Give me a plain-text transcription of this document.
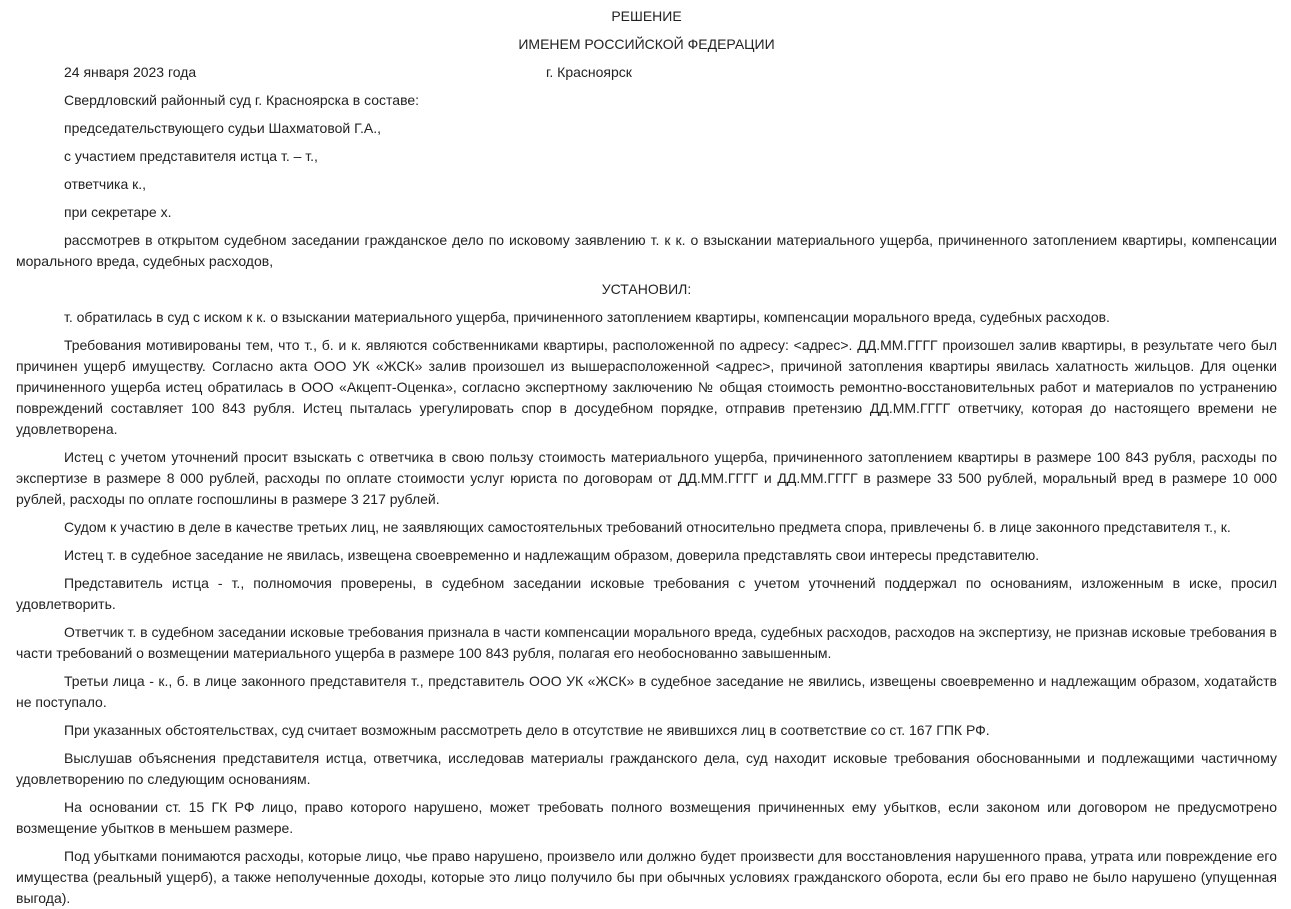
РЕШЕНИЕ
ИМЕНЕМ РОССИЙСКОЙ ФЕДЕРАЦИИ
24 января 2023 года	г. Красноярск

Свердловский районный суд г. Красноярска в составе:

председательствующего судьи Шахматовой Г.А.,

с участием представителя истца т. – т.,

ответчика к.,

при секретаре х.

рассмотрев в открытом судебном заседании гражданское дело по исковому заявлению т. к к. о взыскании материального ущерба, причиненного затоплением квартиры, компенсации морального вреда, судебных расходов,

УСТАНОВИЛ:

т. обратилась в суд с иском к к. о взыскании материального ущерба, причиненного затоплением квартиры, компенсации морального вреда, судебных расходов.

Требования мотивированы тем, что т., б. и к. являются собственниками квартиры, расположенной по адресу: <адрес>. ДД.ММ.ГГГГ произошел залив квартиры, в результате чего был причинен ущерб имуществу. Согласно акта ООО УК «ЖСК» залив произошел из вышерасположенной <адрес>, причиной затопления квартиры явилась халатность жильцов. Для оценки причиненного ущерба истец обратилась в ООО «Акцепт-Оценка», согласно экспертному заключению № общая стоимость ремонтно-восстановительных работ и материалов по устранению повреждений составляет 100 843 рубля. Истец пыталась урегулировать спор в досудебном порядке, отправив претензию ДД.ММ.ГГГГ ответчику, которая до настоящего времени не удовлетворена.

Истец с учетом уточнений просит взыскать с ответчика в свою пользу стоимость материального ущерба, причиненного затоплением квартиры в размере 100 843 рубля, расходы по экспертизе в размере 8 000 рублей, расходы по оплате стоимости услуг юриста по договорам от ДД.ММ.ГГГГ и ДД.ММ.ГГГГ в размере 33 500 рублей, моральный вред в размере 10 000 рублей, расходы по оплате госпошлины в размере 3 217 рублей.

Судом к участию в деле в качестве третьих лиц, не заявляющих самостоятельных требований относительно предмета спора, привлечены б. в лице законного представителя т., к.

Истец т. в судебное заседание не явилась, извещена своевременно и надлежащим образом, доверила представлять свои интересы представителю.

Представитель истца - т., полномочия проверены, в судебном заседании исковые требования с учетом уточнений поддержал по основаниям, изложенным в иске, просил удовлетворить.

Ответчик т. в судебном заседании исковые требования признала в части компенсации морального вреда, судебных расходов, расходов на экспертизу, не признав исковые требования в части требований о возмещении материального ущерба в размере 100 843 рубля, полагая его необоснованно завышенным.

Третьи лица - к., б. в лице законного представителя т., представитель ООО УК «ЖСК» в судебное заседание не явились, извещены своевременно и надлежащим образом, ходатайств не поступало.

При указанных обстоятельствах, суд считает возможным рассмотреть дело в отсутствие не явившихся лиц в соответствие со ст. 167 ГПК РФ.

Выслушав объяснения представителя истца, ответчика, исследовав материалы гражданского дела, суд находит исковые требования обоснованными и подлежащими частичному удовлетворению по следующим основаниям.

На основании ст. 15 ГК РФ лицо, право которого нарушено, может требовать полного возмещения причиненных ему убытков, если законом или договором не предусмотрено возмещение убытков в меньшем размере.

Под убытками понимаются расходы, которые лицо, чье право нарушено, произвело или должно будет произвести для восстановления нарушенного права, утрата или повреждение его имущества (реальный ущерб), а также неполученные доходы, которые это лицо получило бы при обычных условиях гражданского оборота, если бы его право не было нарушено (упущенная выгода).
